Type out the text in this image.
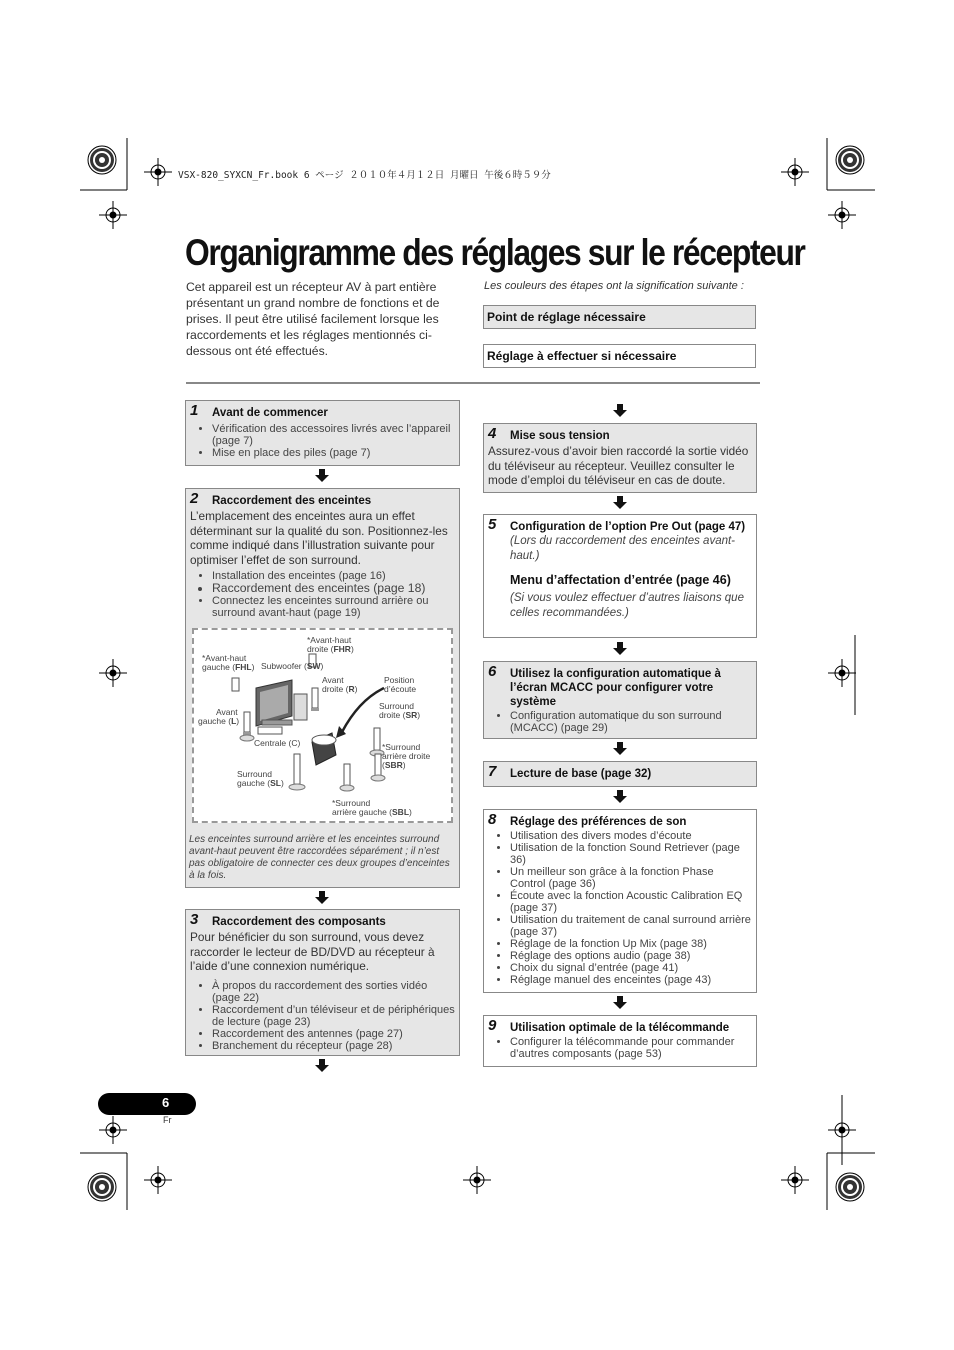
VSX-820_SYXCN_Fr.book 6 ページ ２０１０年４月１２日 月曜日 午後６時５９分
Organigramme des réglages sur le récepteur
Cet appareil est un récepteur AV à part entière présentant un grand nombre de fonctions et de prises. Il peut être utilisé facilement lorsque les raccordements et les réglages mentionnés ci-dessous ont été effectués.
Les couleurs des étapes ont la signification suivante :
Point de réglage nécessaire
Réglage à effectuer si nécessaire
1	Avant de commencer
• Vérification des accessoires livrés avec l’appareil (page 7)
• Mise en place des piles (page 7)
2	Raccordement des enceintes
L’emplacement des enceintes aura un effet déterminant sur la qualité du son. Positionnez-les comme indiqué dans l’illustration suivante pour optimiser l’effet de son surround.
• Installation des enceintes (page 16)
• Raccordement des enceintes (page 18)
• Connectez les enceintes surround arrière ou surround avant-haut (page 19)
Les enceintes surround arrière et les enceintes surround avant-haut peuvent être raccordées séparément ; il n’est pas obligatoire de connecter ces deux groupes d’enceintes à la fois.
*Avant-haut
droite (FHR)
*Avant-haut
gauche (FHL) Subwoofer (SW)
Avant
droite (R)
Position
d’écoute
Avant
gauche (L)
Surround
droite (SR)
Centrale (C)	*Surround
arrière droite
(SBR)
Surround
gauche (SL)
*Surround
arrière gauche (SBL)
3	Raccordement des composants
Pour bénéficier du son surround, vous devez raccorder le lecteur de BD/DVD au récepteur à l’aide d’une connexion numérique.
• À propos du raccordement des sorties vidéo (page 22)
• Raccordement d’un téléviseur et de périphériques de lecture (page 23)
• Raccordement des antennes (page 27)
• Branchement du récepteur (page 28)
4	Mise sous tension
Assurez-vous d’avoir bien raccordé la sortie vidéo du téléviseur au récepteur. Veuillez consulter le mode d’emploi du téléviseur en cas de doute.
5	Configuration de l’option Pre Out (page 47)
(Lors du raccordement des enceintes avant-haut.)
Menu d’affectation d’entrée (page 46)
(Si vous voulez effectuer d’autres liaisons que celles recommandées.)
6	Utilisez la configuration automatique à l’écran MCACC pour configurer votre système
• Configuration automatique du son surround (MCACC) (page 29)
7	Lecture de base (page 32)
8	Réglage des préférences de son
• Utilisation des divers modes d’écoute
• Utilisation de la fonction Sound Retriever (page 36)
• Un meilleur son grâce à la fonction Phase Control (page 36)
• Écoute avec la fonction Acoustic Calibration EQ (page 37)
• Utilisation du traitement de canal surround arrière (page 37)
• Réglage de la fonction Up Mix (page 38)
• Réglage des options audio (page 38)
• Choix du signal d’entrée (page 41)
• Réglage manuel des enceintes (page 43)
9	Utilisation optimale de la télécommande
• Configurer la télécommande pour commander d’autres composants (page 53)
6
Fr
